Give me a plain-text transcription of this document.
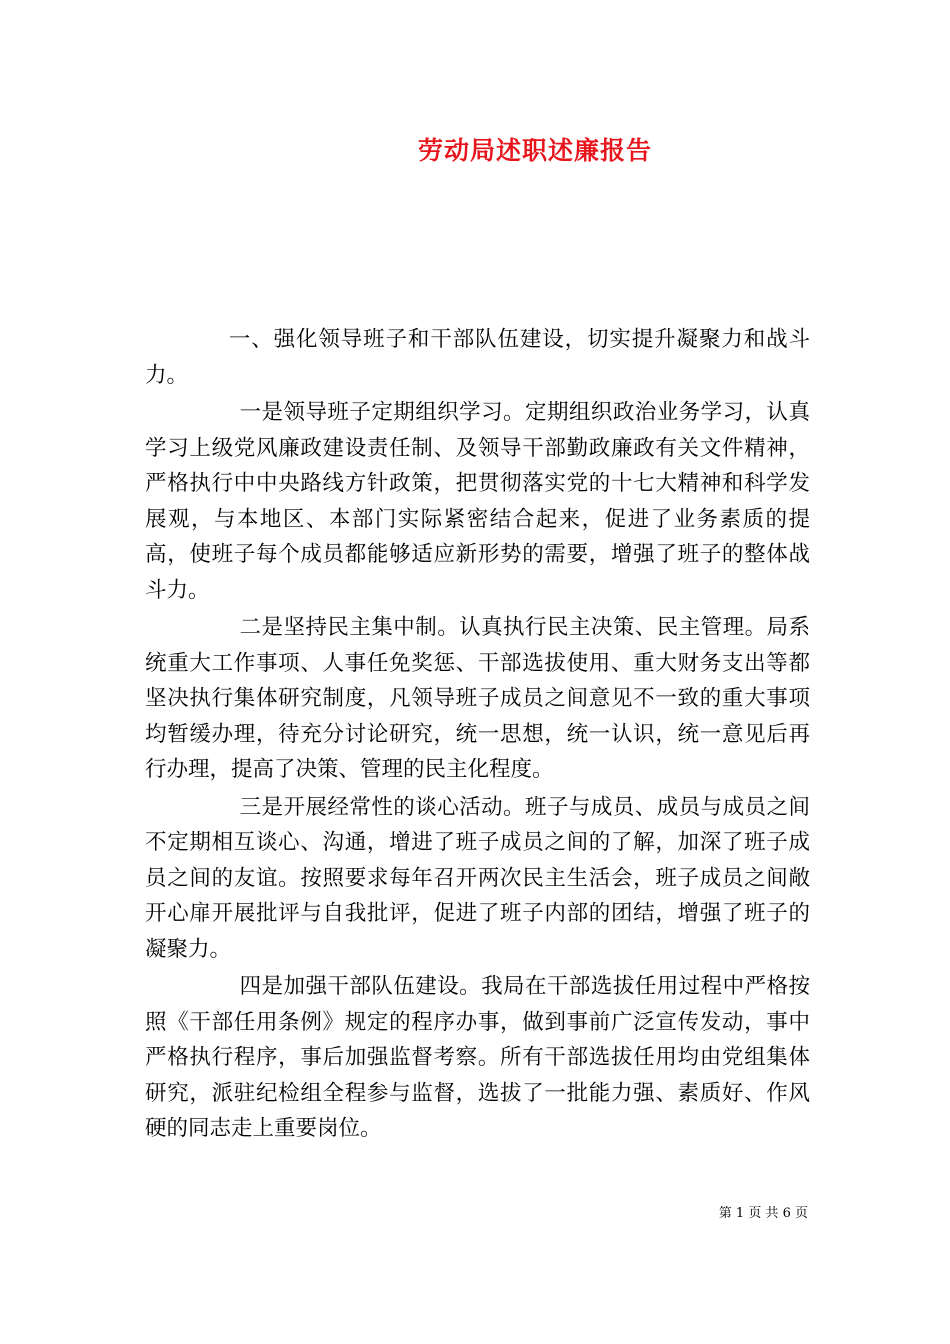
劳动局述职述廉报告

一、强化领导班子和干部队伍建设，切实提升凝聚力和战斗力。

一是领导班子定期组织学习。定期组织政治业务学习，认真学习上级党风廉政建设责任制、及领导干部勤政廉政有关文件精神，严格执行中中央路线方针政策，把贯彻落实党的十七大精神和科学发展观，与本地区、本部门实际紧密结合起来，促进了业务素质的提高，使班子每个成员都能够适应新形势的需要，增强了班子的整体战斗力。

二是坚持民主集中制。认真执行民主决策、民主管理。局系统重大工作事项、人事任免奖惩、干部选拔使用、重大财务支出等都坚决执行集体研究制度，凡领导班子成员之间意见不一致的重大事项均暂缓办理，待充分讨论研究，统一思想，统一认识，统一意见后再行办理，提高了决策、管理的民主化程度。

三是开展经常性的谈心活动。班子与成员、成员与成员之间不定期相互谈心、沟通，增进了班子成员之间的了解，加深了班子成员之间的友谊。按照要求每年召开两次民主生活会，班子成员之间敞开心扉开展批评与自我批评，促进了班子内部的团结，增强了班子的凝聚力。

四是加强干部队伍建设。我局在干部选拔任用过程中严格按照《干部任用条例》规定的程序办事，做到事前广泛宣传发动，事中严格执行程序，事后加强监督考察。所有干部选拔任用均由党组集体研究，派驻纪检组全程参与监督，选拔了一批能力强、素质好、作风硬的同志走上重要岗位。

第 1 页 共 6 页
